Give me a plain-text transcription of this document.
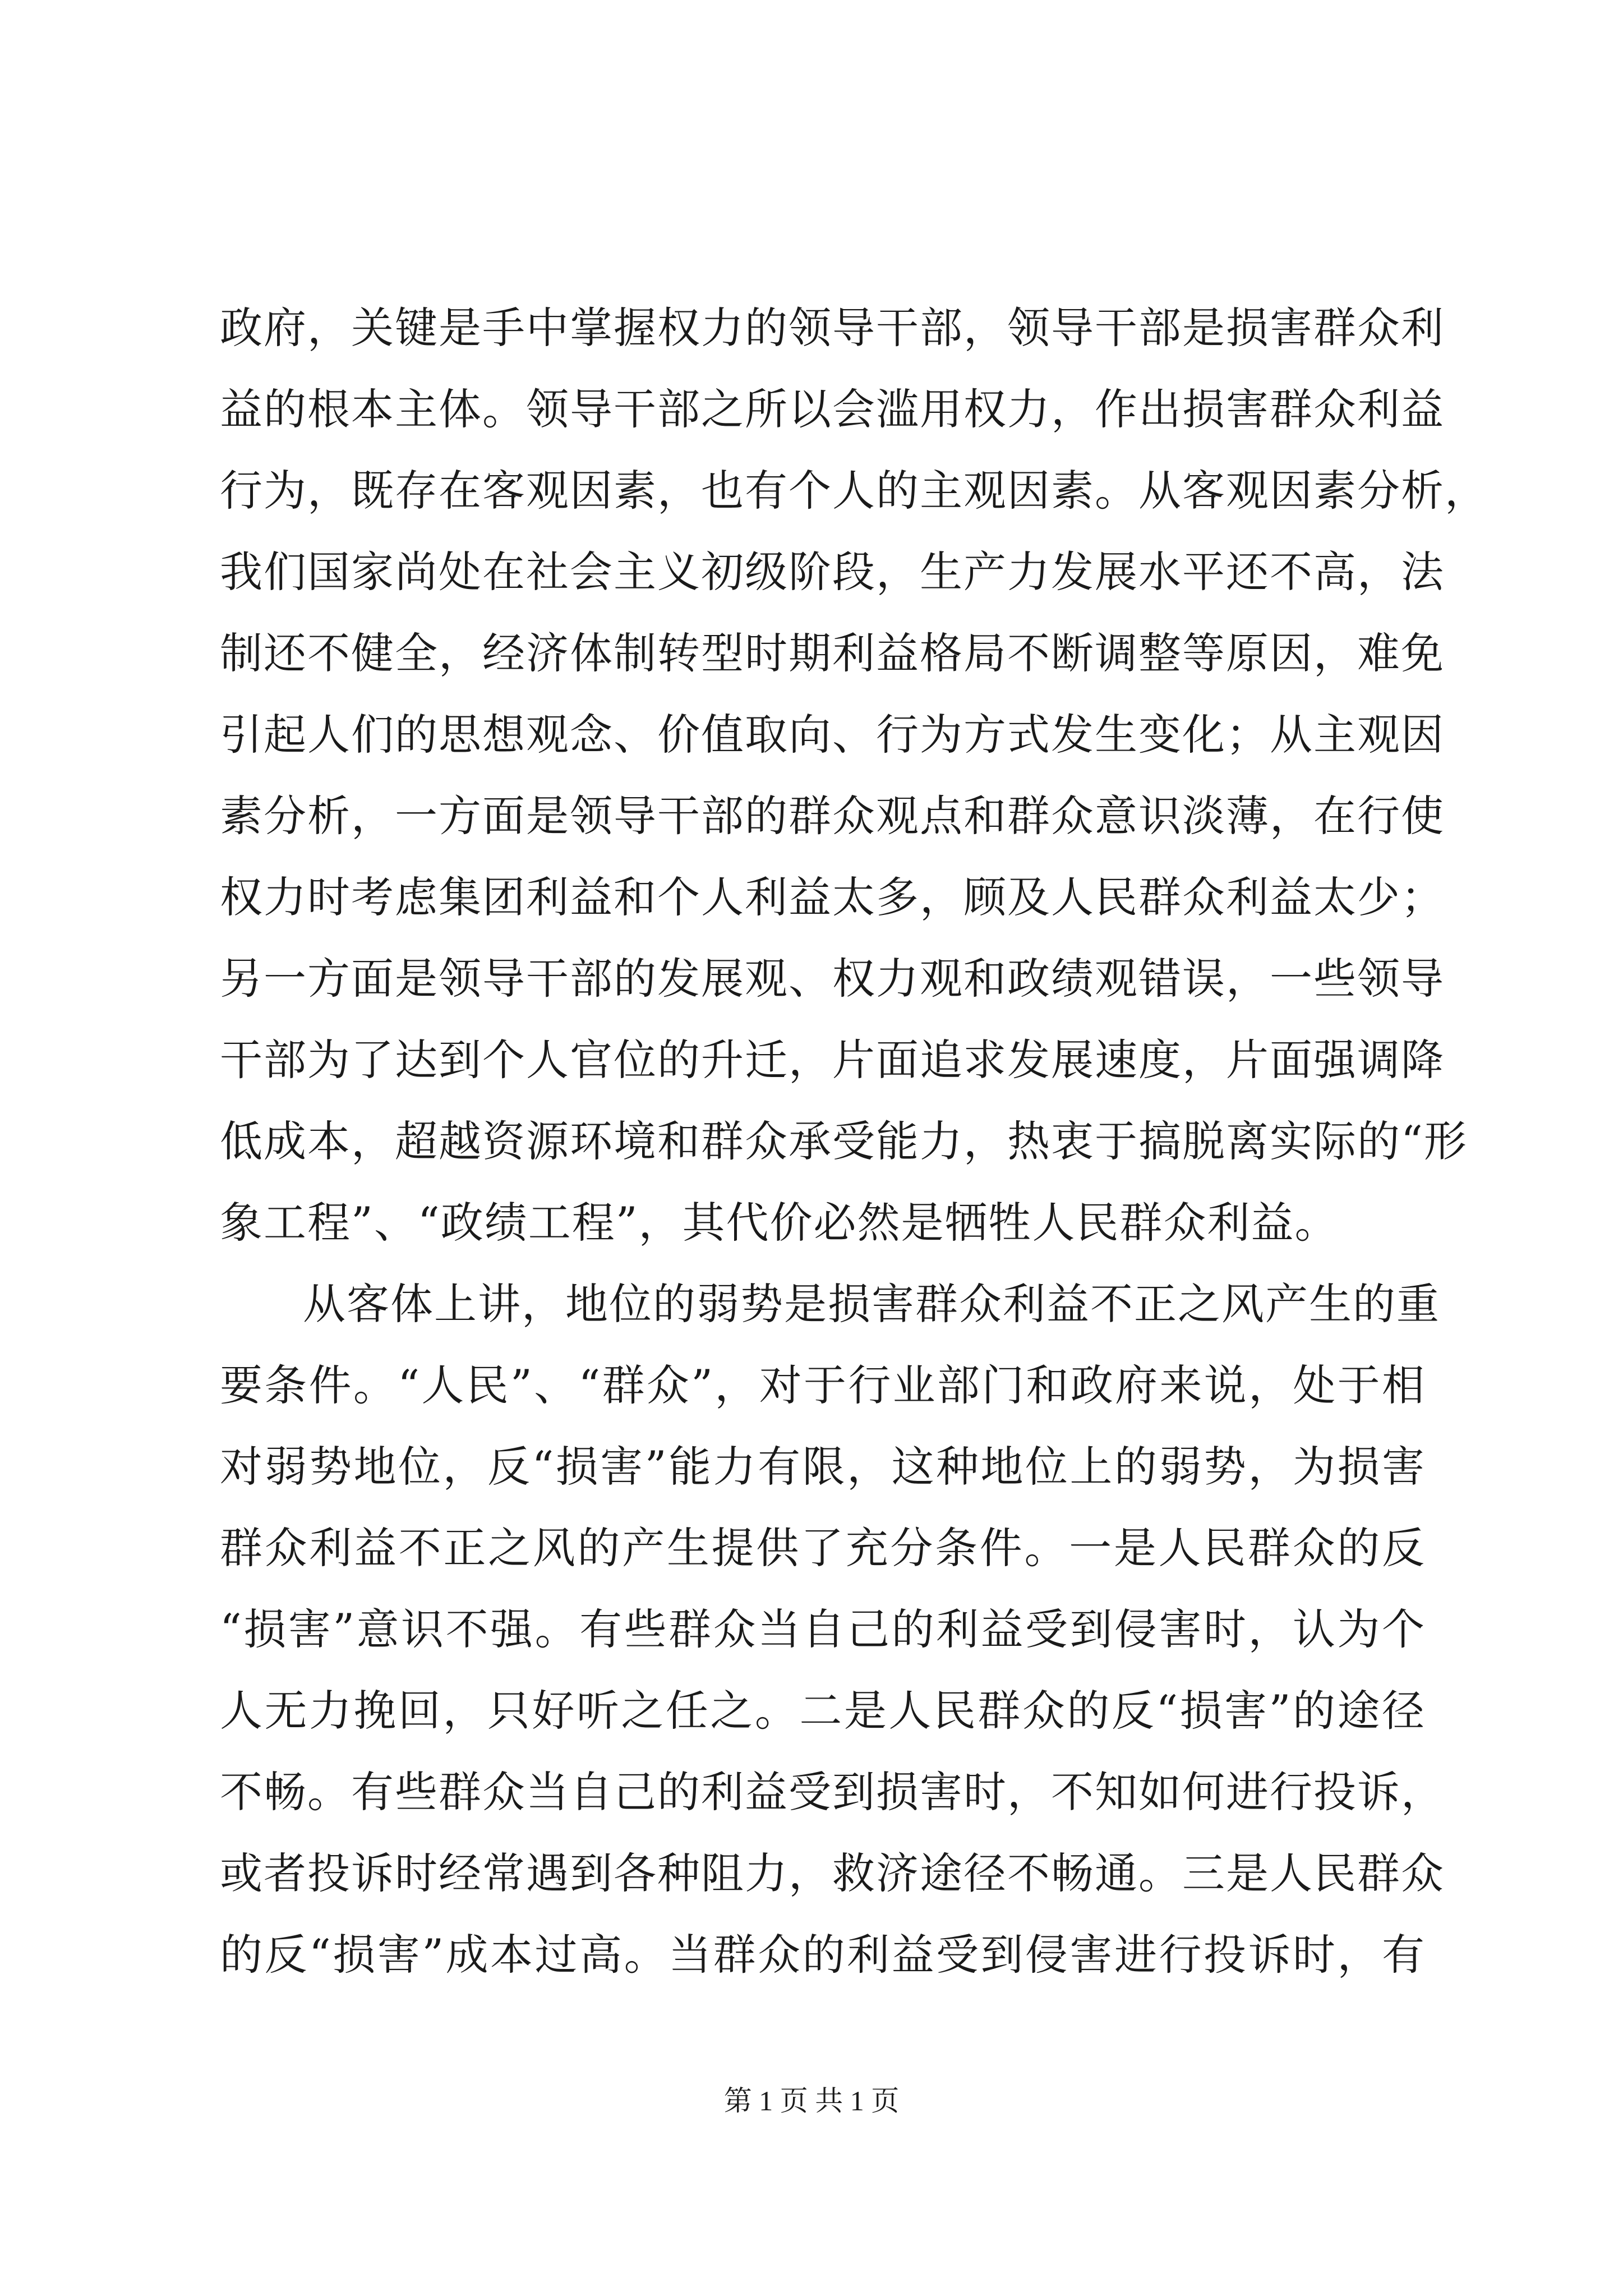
政府，关键是手中掌握权力的领导干部，领导干部是损害群众利
益的根本主体。领导干部之所以会滥用权力，作出损害群众利益
行为，既存在客观因素，也有个人的主观因素。从客观因素分析，
我们国家尚处在社会主义初级阶段，生产力发展水平还不高，法
制还不健全，经济体制转型时期利益格局不断调整等原因，难免
引起人们的思想观念、价值取向、行为方式发生变化；从主观因
素分析，一方面是领导干部的群众观点和群众意识淡薄，在行使
权力时考虑集团利益和个人利益太多，顾及人民群众利益太少；
另一方面是领导干部的发展观、权力观和政绩观错误，一些领导
干部为了达到个人官位的升迁，片面追求发展速度，片面强调降
低成本，超越资源环境和群众承受能力，热衷于搞脱离实际的“形
象工程”、“政绩工程”，其代价必然是牺牲人民群众利益。
从客体上讲，地位的弱势是损害群众利益不正之风产生的重
要条件。“人民”、“群众”，对于行业部门和政府来说，处于相
对弱势地位，反“损害”能力有限，这种地位上的弱势，为损害
群众利益不正之风的产生提供了充分条件。一是人民群众的反
“损害”意识不强。有些群众当自己的利益受到侵害时，认为个
人无力挽回，只好听之任之。二是人民群众的反“损害”的途径
不畅。有些群众当自己的利益受到损害时，不知如何进行投诉，
或者投诉时经常遇到各种阻力，救济途径不畅通。三是人民群众
的反“损害”成本过高。当群众的利益受到侵害进行投诉时，有
第 1 页 共 1 页
